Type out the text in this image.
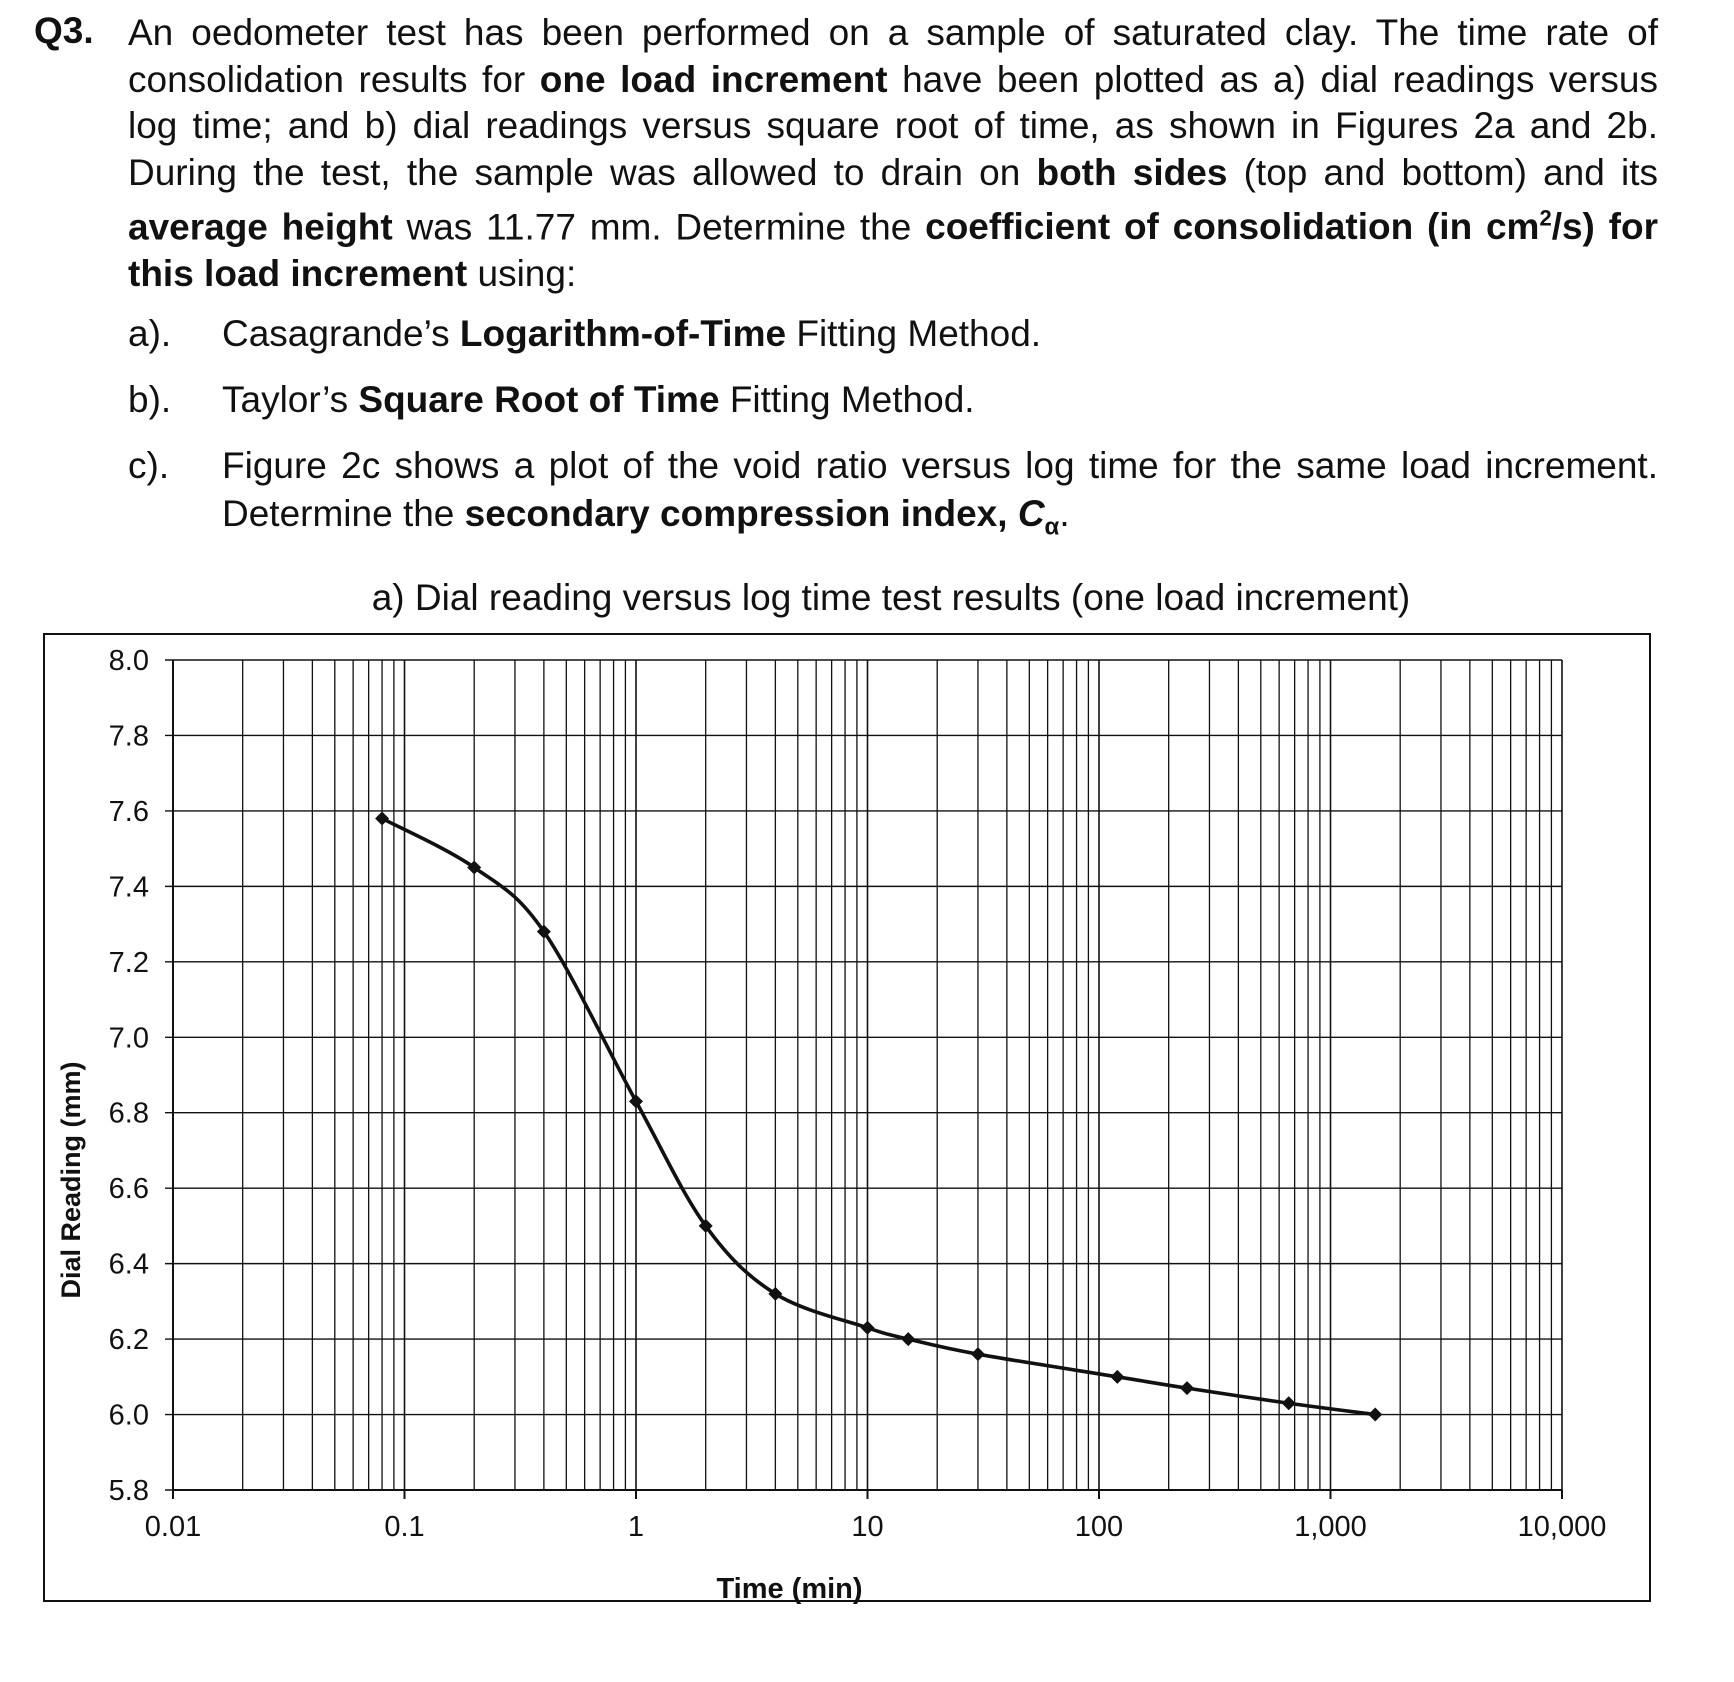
Q3. An oedometer test has been performed on a sample of saturated clay. The time rate of consolidation results for one load increment have been plotted as a) dial readings versus log time; and b) dial readings versus square root of time, as shown in Figures 2a and 2b. During the test, the sample was allowed to drain on both sides (top and bottom) and its average height was 11.77 mm. Determine the coefficient of consolidation (in $cm^2/s$) for this load increment using:
a). Casagrande’s Logarithm-of-Time Fitting Method.
b). Taylor’s Square Root of Time Fitting Method.
c). Figure 2c shows a plot of the void ratio versus log time for the same load increment. Determine the secondary compression index, $C_\alpha$.
a) Dial reading versus log time test results (one load increment)
0.01	0.1	1	10	100	1,000	10,000
8.0
7.8
7.6
7.4
7.2
7.0
6.8
6.6
6.4
6.2
6.0
5.8
Time (min)
Dial Reading (mm)
